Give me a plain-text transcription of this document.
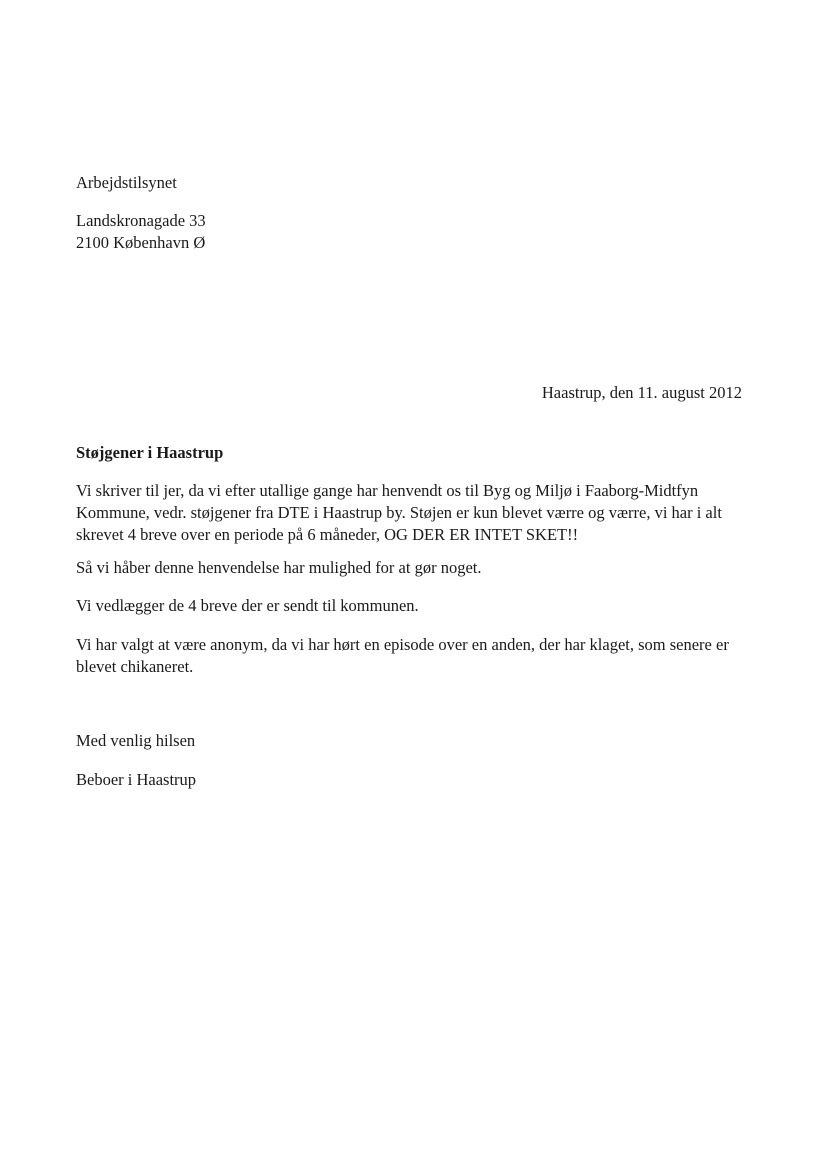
Arbejdstilsynet
Landskronagade 33
2100 København Ø
Haastrup, den 11. august 2012
Støjgener i Haastrup

Vi skriver til jer, da vi efter utallige gange har henvendt os til Byg og Miljø i Faaborg-Midtfyn Kommune, vedr. støjgener fra DTE i Haastrup by. Støjen er kun blevet værre og værre, vi har i alt skrevet 4 breve over en periode på 6 måneder, OG DER ER INTET SKET!!

Så vi håber denne henvendelse har mulighed for at gør noget.

Vi vedlægger de 4 breve der er sendt til kommunen.

Vi har valgt at være anonym, da vi har hørt en episode over en anden, der har klaget, som senere er blevet chikaneret.

Med venlig hilsen
Beboer i Haastrup
